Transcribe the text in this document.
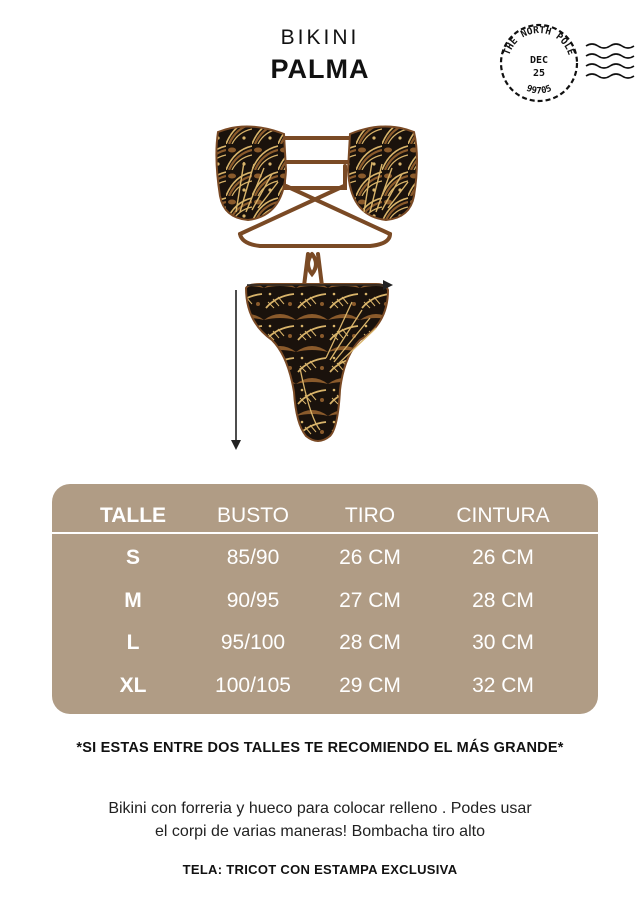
BIKINI
PALMA
THE NORTH POLE
DEC
25
99705
TALLE	BUSTO	TIRO	CINTURA
S	85/90	26 CM	26 CM
M	90/95	27 CM	28 CM
L	95/100	28 CM	30 CM
XL	100/105	29 CM	32 CM
*SI ESTAS ENTRE DOS TALLES TE RECOMIENDO EL MÁS GRANDE*
Bikini con forreria y hueco para colocar relleno . Podes usar
el corpi de varias maneras! Bombacha tiro alto
TELA: TRICOT CON ESTAMPA EXCLUSIVA
